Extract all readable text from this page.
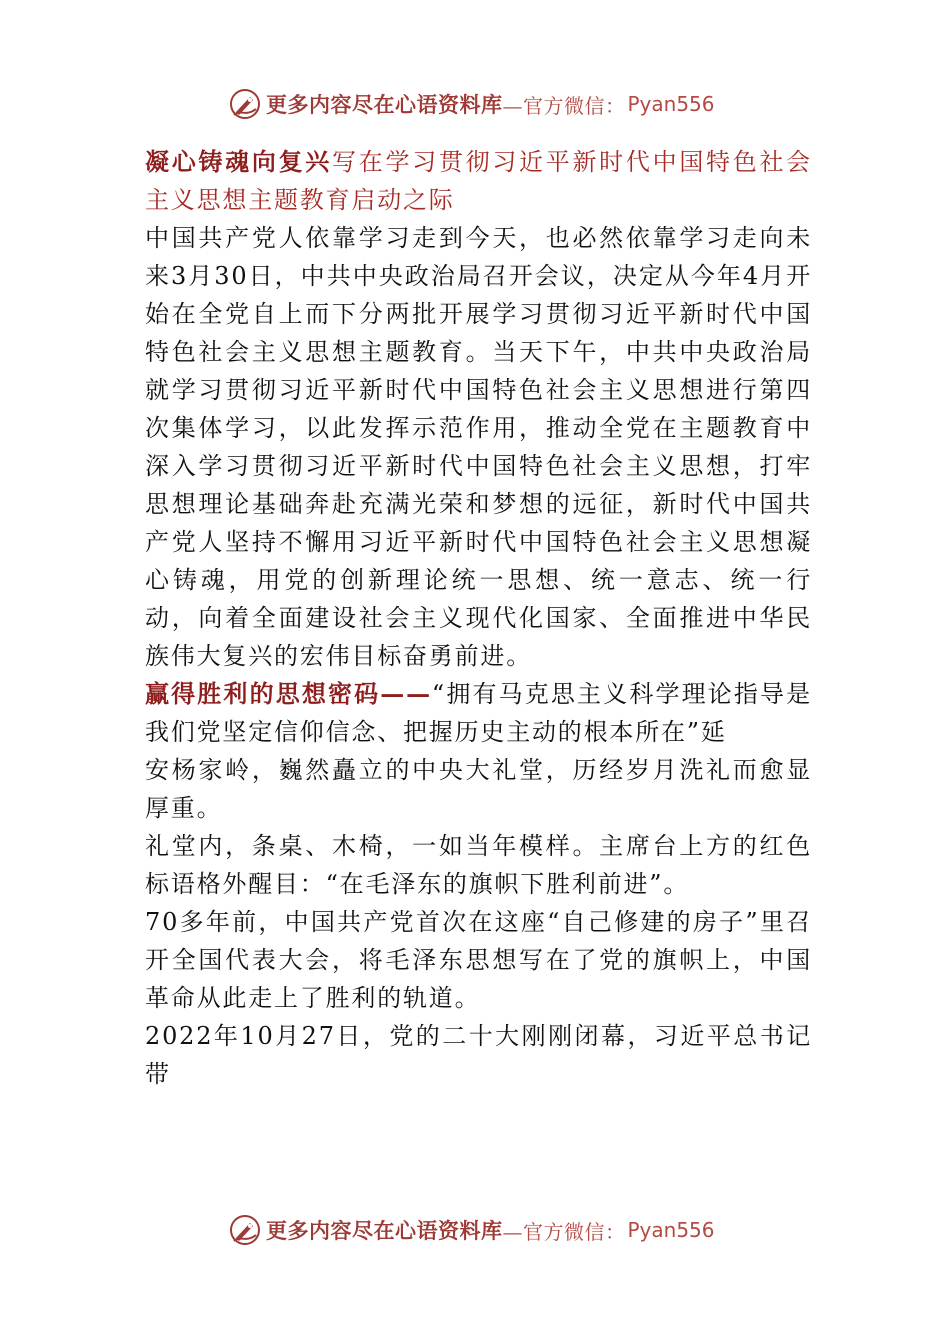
更多内容尽在心语资料库 —官方微信： Pyan556

凝心铸魂向复兴写在学习贯彻习近平新时代中国特色社会主义思想主题教育启动之际

中国共产党人依靠学习走到今天，也必然依靠学习走向未来3月30日，中共中央政治局召开会议，决定从今年4月开始在全党自上而下分两批开展学习贯彻习近平新时代中国特色社会主义思想主题教育。当天下午，中共中央政治局就学习贯彻习近平新时代中国特色社会主义思想进行第四次集体学习，以此发挥示范作用，推动全党在主题教育中深入学习贯彻习近平新时代中国特色社会主义思想，打牢思想理论基础奔赴充满光荣和梦想的远征，新时代中国共产党人坚持不懈用习近平新时代中国特色社会主义思想凝心铸魂，用党的创新理论统一思想、统一意志、统一行动，向着全面建设社会主义现代化国家、全面推进中华民族伟大复兴的宏伟目标奋勇前进。

赢得胜利的思想密码——“拥有马克思主义科学理论指导是我们党坚定信仰信念、把握历史主动的根本所在”延

安杨家岭，巍然矗立的中央大礼堂，历经岁月洗礼而愈显厚重。

礼堂内，条桌、木椅，一如当年模样。主席台上方的红色标语格外醒目：“在毛泽东的旗帜下胜利前进”。

70多年前，中国共产党首次在这座“自己修建的房子”里召开全国代表大会，将毛泽东思想写在了党的旗帜上，中国革命从此走上了胜利的轨道。

2022年10月27日，党的二十大刚刚闭幕，习近平总书记带

更多内容尽在心语资料库 —官方微信： Pyan556
